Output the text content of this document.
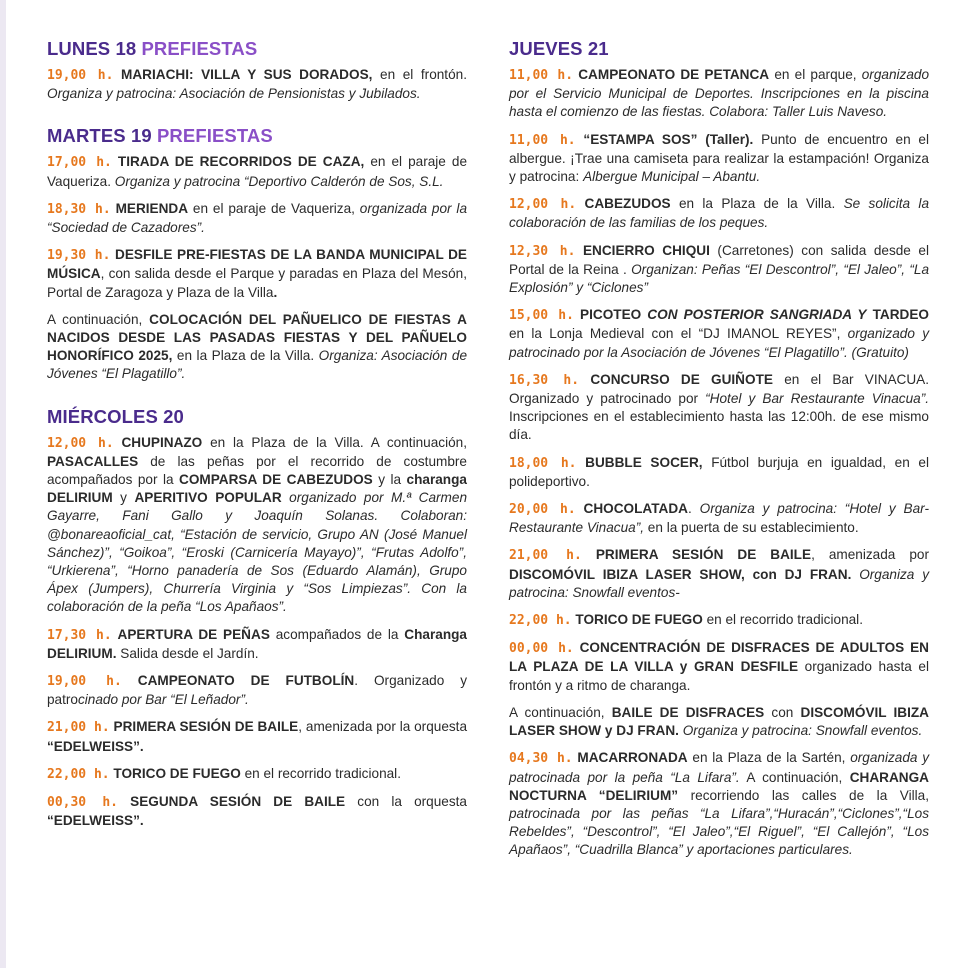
LUNES 18 PREFIESTAS

19,00 h. MARIACHI: VILLA Y SUS DORADOS, en el frontón. Organiza y patrocina: Asociación de Pensionistas y Jubilados.

MARTES 19 PREFIESTAS

17,00 h. TIRADA DE RECORRIDOS DE CAZA, en el paraje de Vaqueriza. Organiza y patrocina “Deportivo Calderón de Sos, S.L.

18,30 h. MERIENDA en el paraje de Vaqueriza, organizada por la “Sociedad de Cazadores”.

19,30 h. DESFILE PRE-FIESTAS DE LA BANDA MUNICIPAL DE MÚSICA, con salida desde el Parque y paradas en Plaza del Mesón, Portal de Zaragoza y Plaza de la Villa.

A continuación, COLOCACIÓN DEL PAÑUELICO DE FIESTAS A NACIDOS DESDE LAS PASADAS FIESTAS Y DEL PAÑUELO HONORÍFICO 2025, en la Plaza de la Villa. Organiza: Asociación de Jóvenes “El Plagatillo”.

MIÉRCOLES 20

12,00 h. CHUPINAZO en la Plaza de la Villa. A continuación, PASACALLES de las peñas por el recorrido de costumbre acompañados por la COMPARSA DE CABEZUDOS y la charanga DELIRIUM y APERITIVO POPULAR organizado por M.ª Carmen Gayarre, Fani Gallo y Joaquín Solanas. Colaboran: @bonareaoficial_cat, “Estación de servicio, Grupo AN (José Manuel Sánchez)”, “Goikoa”, “Eroski (Carnicería Mayayo)”, “Frutas Adolfo”, “Urkierena”, “Horno panadería de Sos (Eduardo Alamán), Grupo Ápex (Jumpers), Churrería Virginia y “Sos Limpiezas”. Con la colaboración de la peña “Los Apañaos”.

17,30 h. APERTURA DE PEÑAS acompañados de la Charanga DELIRIUM. Salida desde el Jardín.

19,00 h. CAMPEONATO DE FUTBOLÍN. Organizado y patrocinado por Bar “El Leñador”.

21,00 h. PRIMERA SESIÓN DE BAILE, amenizada por la orquesta “EDELWEISS”.

22,00 h. TORICO DE FUEGO en el recorrido tradicional.

00,30 h. SEGUNDA SESIÓN DE BAILE con la orquesta “EDELWEISS”.

JUEVES 21

11,00 h. CAMPEONATO DE PETANCA en el parque, organizado por el Servicio Municipal de Deportes. Inscripciones en la piscina hasta el comienzo de las fiestas. Colabora: Taller Luis Naveso.

11,00 h. “ESTAMPA SOS” (Taller). Punto de encuentro en el albergue. ¡Trae una camiseta para realizar la estampación! Organiza y patrocina: Albergue Municipal – Abantu.

12,00 h. CABEZUDOS en la Plaza de la Villa. Se solicita la colaboración de las familias de los peques.

12,30 h. ENCIERRO CHIQUI (Carretones) con salida desde el Portal de la Reina . Organizan: Peñas “El Descontrol”, “El Jaleo”, “La Explosión” y “Ciclones”

15,00 h. PICOTEO CON POSTERIOR SANGRIADA Y TARDEO en la Lonja Medieval con el “DJ IMANOL REYES”, organizado y patrocinado por la Asociación de Jóvenes “El Plagatillo”. (Gratuito)

16,30 h. CONCURSO DE GUIÑOTE en el Bar VINACUA. Organizado y patrocinado por “Hotel y Bar Restaurante Vinacua”. Inscripciones en el establecimiento hasta las 12:00h. de ese mismo día.

18,00 h. BUBBLE SOCER, Fútbol burjuja en igualdad, en el polideportivo.

20,00 h. CHOCOLATADA. Organiza y patrocina: “Hotel y Bar-Restaurante Vinacua”, en la puerta de su establecimiento.

21,00 h. PRIMERA SESIÓN DE BAILE, amenizada por DISCOMÓVIL IBIZA LASER SHOW, con DJ FRAN. Organiza y patrocina: Snowfall eventos-

22,00 h. TORICO DE FUEGO en el recorrido tradicional.

00,00 h. CONCENTRACIÓN DE DISFRACES DE ADULTOS EN LA PLAZA DE LA VILLA y GRAN DESFILE organizado hasta el frontón y a ritmo de charanga.

A continuación, BAILE DE DISFRACES con DISCOMÓVIL IBIZA LASER SHOW y DJ FRAN. Organiza y patrocina: Snowfall eventos.

04,30 h. MACARRONADA en la Plaza de la Sartén, organizada y patrocinada por la peña “La Lifara”. A continuación, CHARANGA NOCTURNA “DELIRIUM” recorriendo las calles de la Villa, patrocinada por las peñas “La Lifara”,“Huracán”,“Ciclones”,“Los Rebeldes”, “Descontrol”, “El Jaleo”,“El Riguel”, “El Callejón”, “Los Apañaos”, “Cuadrilla Blanca” y aportaciones particulares.
